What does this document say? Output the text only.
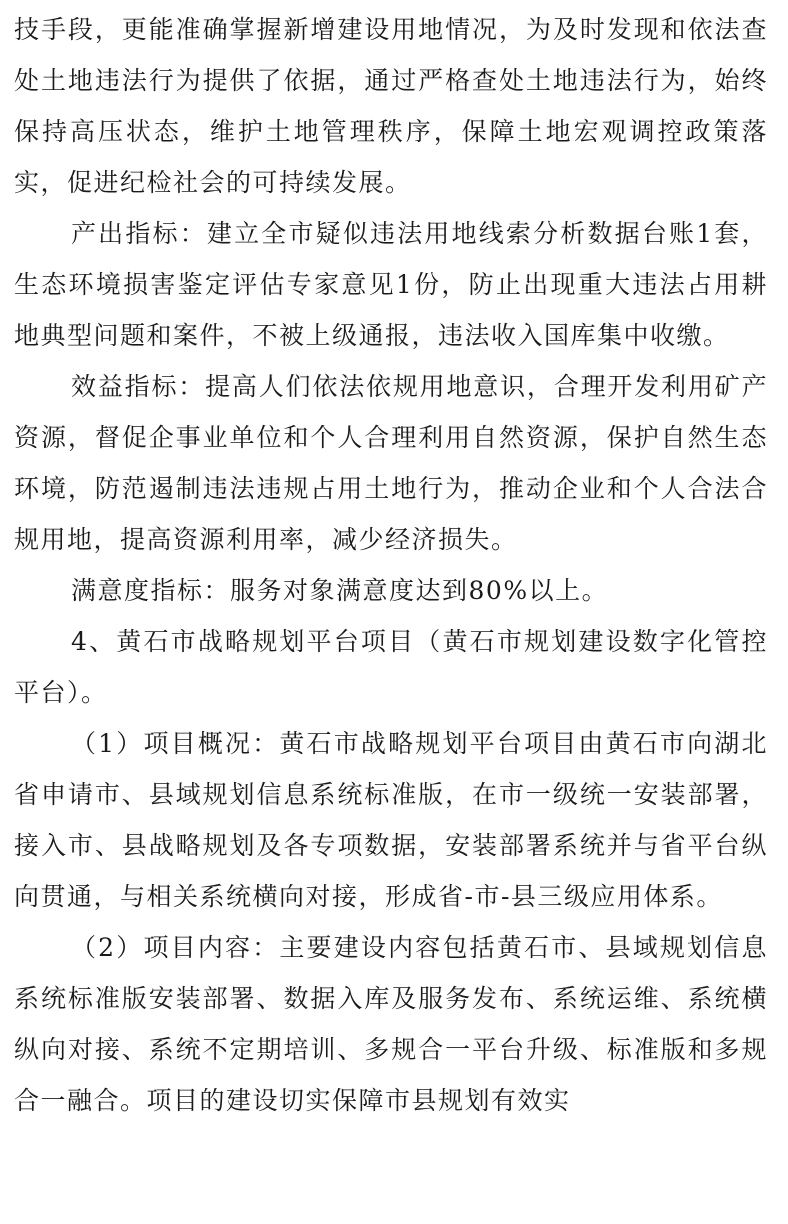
技手段，更能准确掌握新增建设用地情况，为及时发现和依法查处土地违法行为提供了依据，通过严格查处土地违法行为，始终保持高压状态，维护土地管理秩序，保障土地宏观调控政策落实，促进纪检社会的可持续发展。

产出指标：建立全市疑似违法用地线索分析数据台账1套，生态环境损害鉴定评估专家意见1份，防止出现重大违法占用耕地典型问题和案件，不被上级通报，违法收入国库集中收缴。

效益指标：提高人们依法依规用地意识，合理开发利用矿产资源，督促企事业单位和个人合理利用自然资源，保护自然生态环境，防范遏制违法违规占用土地行为，推动企业和个人合法合规用地，提高资源利用率，减少经济损失。

满意度指标：服务对象满意度达到80%以上。

4、黄石市战略规划平台项目（黄石市规划建设数字化管控平台）。

（1）项目概况：黄石市战略规划平台项目由黄石市向湖北省申请市、县域规划信息系统标准版，在市一级统一安装部署，接入市、县战略规划及各专项数据，安装部署系统并与省平台纵向贯通，与相关系统横向对接，形成省-市-县三级应用体系。

（2）项目内容：主要建设内容包括黄石市、县域规划信息系统标准版安装部署、数据入库及服务发布、系统运维、系统横纵向对接、系统不定期培训、多规合一平台升级、标准版和多规合一融合。项目的建设切实保障市县规划有效实
